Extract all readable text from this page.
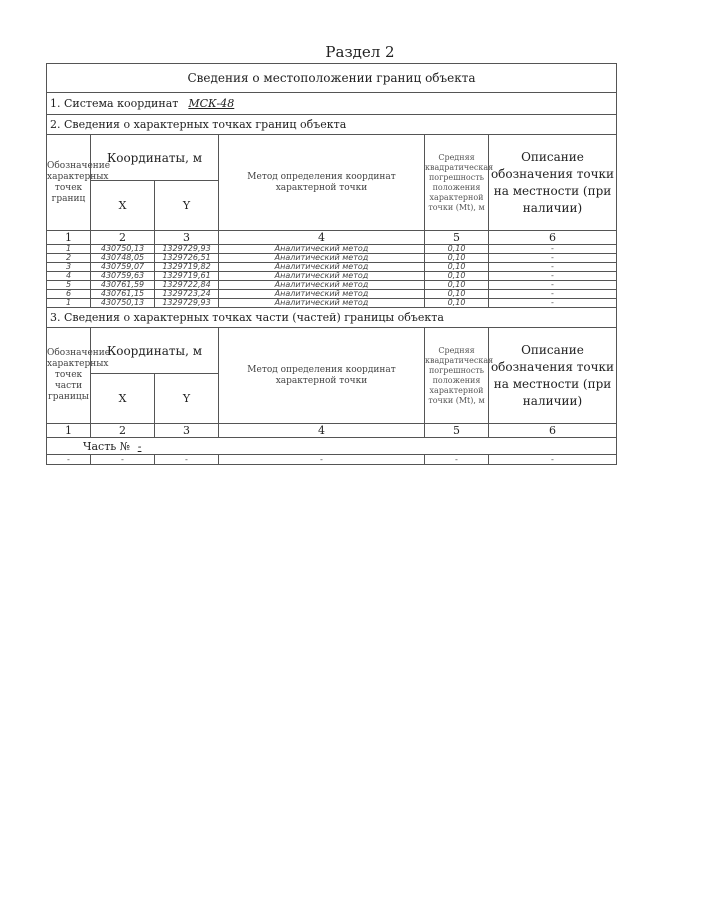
Раздел 2
Сведения о местоположении границ объекта					
1. Система координат МСК-48					
2. Сведения о характерных точках границ объекта					
Обозначение характерных точек границ	Координаты, м		Метод определения координат характерной точки	Средняя квадратическая погрешность положения характерной точки (Mt), м	Описание обозначения точки на местности (при наличии)
	X	Y			
1	2	3	4	5	6
1	430750,13	1329729,93	Аналитический метод	0,10	-
2	430748,05	1329726,51	Аналитический метод	0,10	-
3	430759,07	1329719,82	Аналитический метод	0,10	-
4	430759,63	1329719,61	Аналитический метод	0,10	-
5	430761,59	1329722,84	Аналитический метод	0,10	-
6	430761,15	1329723,24	Аналитический метод	0,10	-
1	430750,13	1329729,93	Аналитический метод	0,10	-
3. Сведения о характерных точках части (частей) границы объекта					
Обозначение характерных точек части границы	Координаты, м		Метод определения координат характерной точки	Средняя квадратическая погрешность положения характерной точки (Mt), м	Описание обозначения точки на местности (при наличии)
	X	Y			
1	2	3	4	5	6
Часть № -					
-	-	-	-	-	-
